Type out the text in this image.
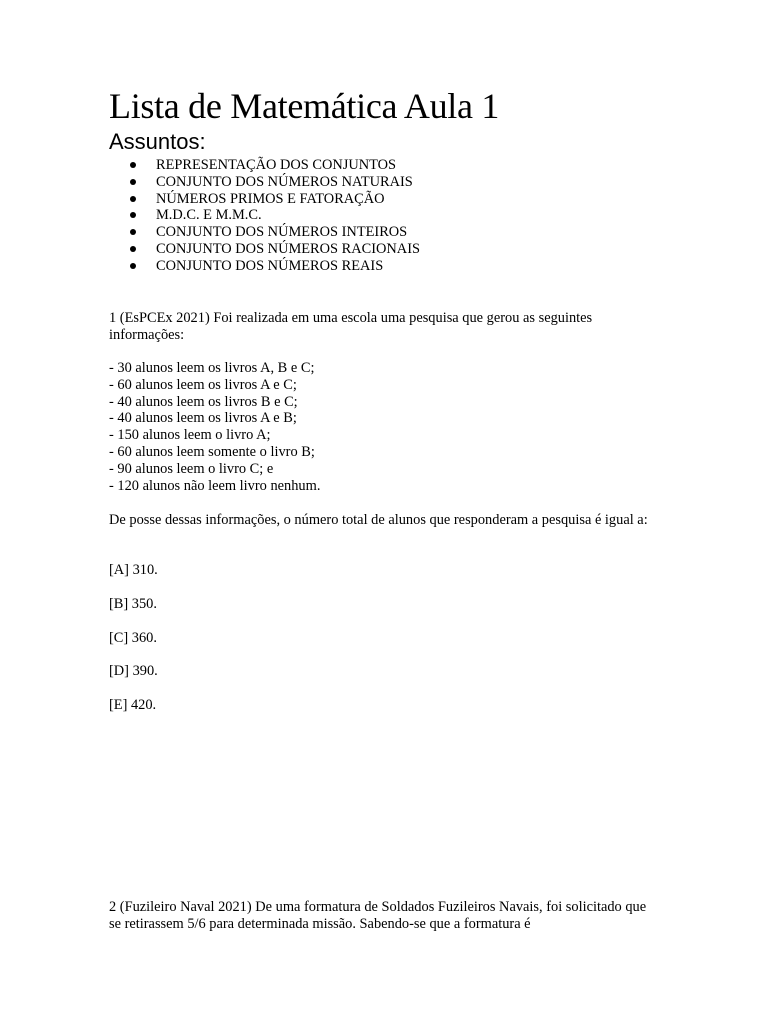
Lista de Matemática Aula 1
Assuntos:
REPRESENTAÇÃO DOS CONJUNTOS
CONJUNTO DOS NÚMEROS NATURAIS
NÚMEROS PRIMOS E FATORAÇÃO
M.D.C. E M.M.C.
CONJUNTO DOS NÚMEROS INTEIROS
CONJUNTO DOS NÚMEROS RACIONAIS
CONJUNTO DOS NÚMEROS REAIS

1 (EsPCEx 2021) Foi realizada em uma escola uma pesquisa que gerou as seguintes informações:

- 30 alunos leem os livros A, B e C;

- 60 alunos leem os livros A e C;

- 40 alunos leem os livros B e C;

- 40 alunos leem os livros A e B;

- 150 alunos leem o livro A;

- 60 alunos leem somente o livro B;

- 90 alunos leem o livro C; e

- 120 alunos não leem livro nenhum.

De posse dessas informações, o número total de alunos que responderam a pesquisa é igual a:

[A] 310.
[B] 350.
[C] 360.
[D] 390.
[E] 420.

2 (Fuzileiro Naval 2021) De uma formatura de Soldados Fuzileiros Navais, foi solicitado que se retirassem 5/6 para determinada missão. Sabendo-se que a formatura é
